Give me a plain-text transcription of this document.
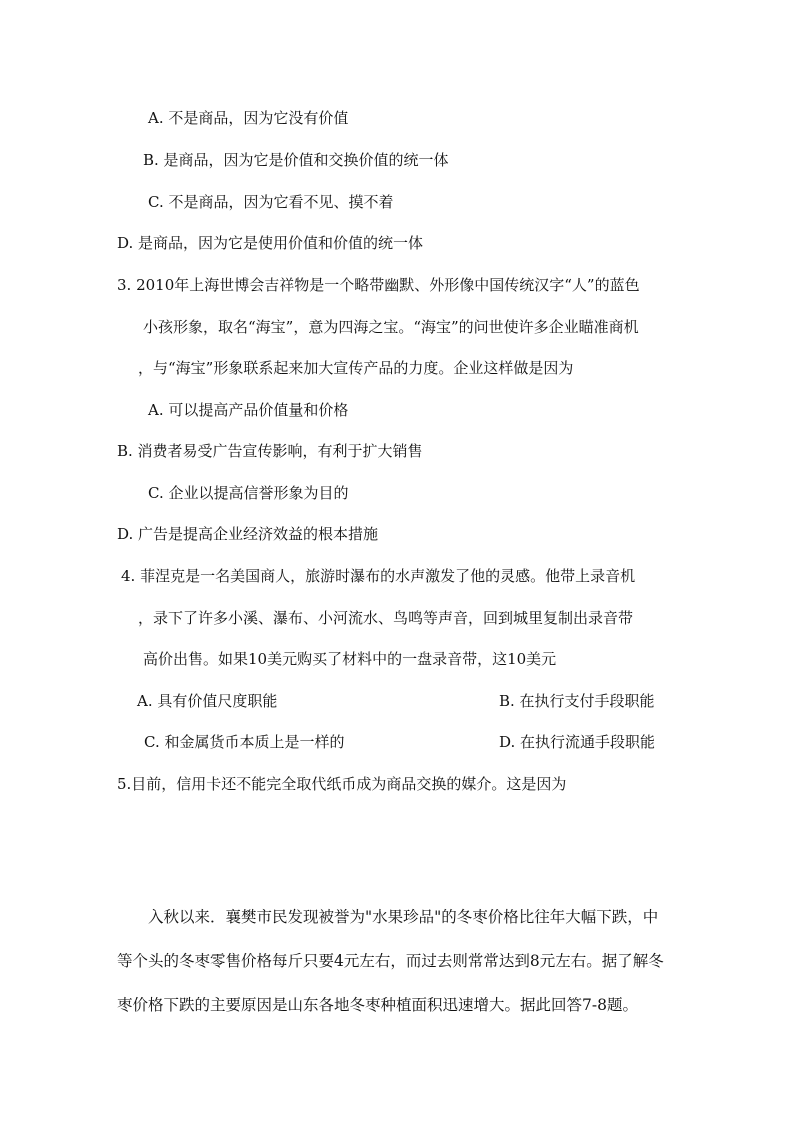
A. 不是商品，因为它没有价值
B. 是商品，因为它是价值和交换价值的统一体
C. 不是商品，因为它看不见、摸不着
D. 是商品，因为它是使用价值和价值的统一体
3. 2010年上海世博会吉祥物是一个略带幽默、外形像中国传统汉字“人”的蓝色
小孩形象，取名“海宝”，意为四海之宝。“海宝”的问世使许多企业瞄准商机
，与“海宝”形象联系起来加大宣传产品的力度。企业这样做是因为
A. 可以提高产品价值量和价格
B. 消费者易受广告宣传影响，有利于扩大销售
C. 企业以提高信誉形象为目的
D. 广告是提高企业经济效益的根本措施
4. 菲涅克是一名美国商人，旅游时瀑布的水声激发了他的灵感。他带上录音机
，录下了许多小溪、瀑布、小河流水、鸟鸣等声音，回到城里复制出录音带
高价出售。如果10美元购买了材料中的一盘录音带，这10美元
A. 具有价值尺度职能	B. 在执行支付手段职能
C. 和金属货币本质上是一样的	D. 在执行流通手段职能
5.目前，信用卡还不能完全取代纸币成为商品交换的媒介。这是因为
入秋以来．襄樊市民发现被誉为"水果珍品"的冬枣价格比往年大幅下跌，中
等个头的冬枣零售价格每斤只要4元左右，而过去则常常达到8元左右。据了解冬
枣价格下跌的主要原因是山东各地冬枣种植面积迅速增大。据此回答7-8题。
